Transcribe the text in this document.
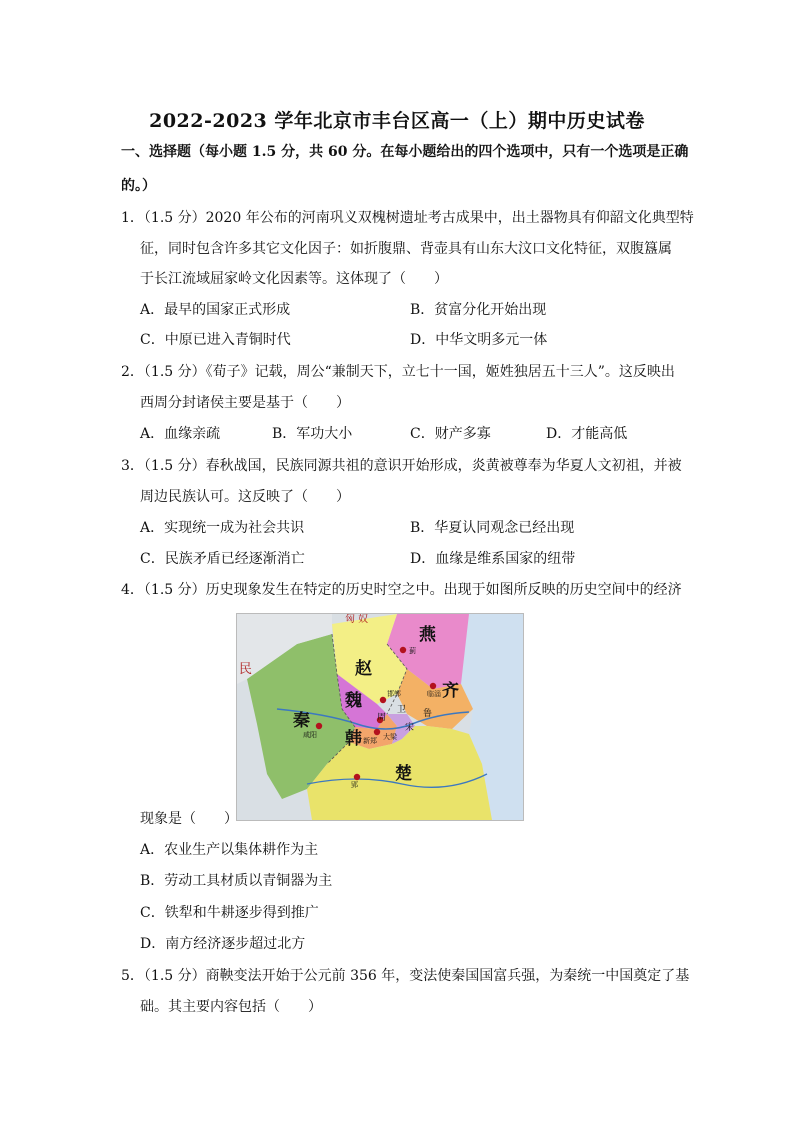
2022-2023 学年北京市丰台区高一（上）期中历史试卷
一、选择题（每小题 1.5 分，共 60 分。在每小题给出的四个选项中，只有一个选项是正确
的。）
1．（1.5 分）2020 年公布的河南巩义双槐树遗址考古成果中，出土器物具有仰韶文化典型特
征，同时包含许多其它文化因子：如折腹鼎、背壶具有山东大汶口文化特征，双腹簋属
于长江流域屈家岭文化因素等。这体现了（　　）
A．最早的国家正式形成	B．贫富分化开始出现
C．中原已进入青铜时代	D．中华文明多元一体
2．（1.5 分）《荀子》记载，周公“兼制天下，立七十一国，姬姓独居五十三人”。这反映出
西周分封诸侯主要是基于（　　）
A．血缘亲疏	B．军功大小	C．财产多寡	D．才能高低
3．（1.5 分）春秋战国，民族同源共祖的意识开始形成，炎黄被尊奉为华夏人文初祖，并被
周边民族认可。这反映了（　　）
A．实现统一成为社会共识	B．华夏认同观念已经出现
C．民族矛盾已经逐渐消亡	D．血缘是维系国家的纽带
4．（1.5 分）历史现象发生在特定的历史时空之中。出现于如图所反映的历史空间中的经济
燕
赵
齐
魏
秦
韩
楚
周
宋
卫 鲁
邯郸	临淄
咸阳
郢
蓟
大梁
新郑
民
匈 奴
现象是（　　）
A．农业生产以集体耕作为主
B．劳动工具材质以青铜器为主
C．铁犁和牛耕逐步得到推广
D．南方经济逐步超过北方
5．（1.5 分）商鞅变法开始于公元前 356 年，变法使秦国国富兵强，为秦统一中国奠定了基
础。其主要内容包括（　　）
